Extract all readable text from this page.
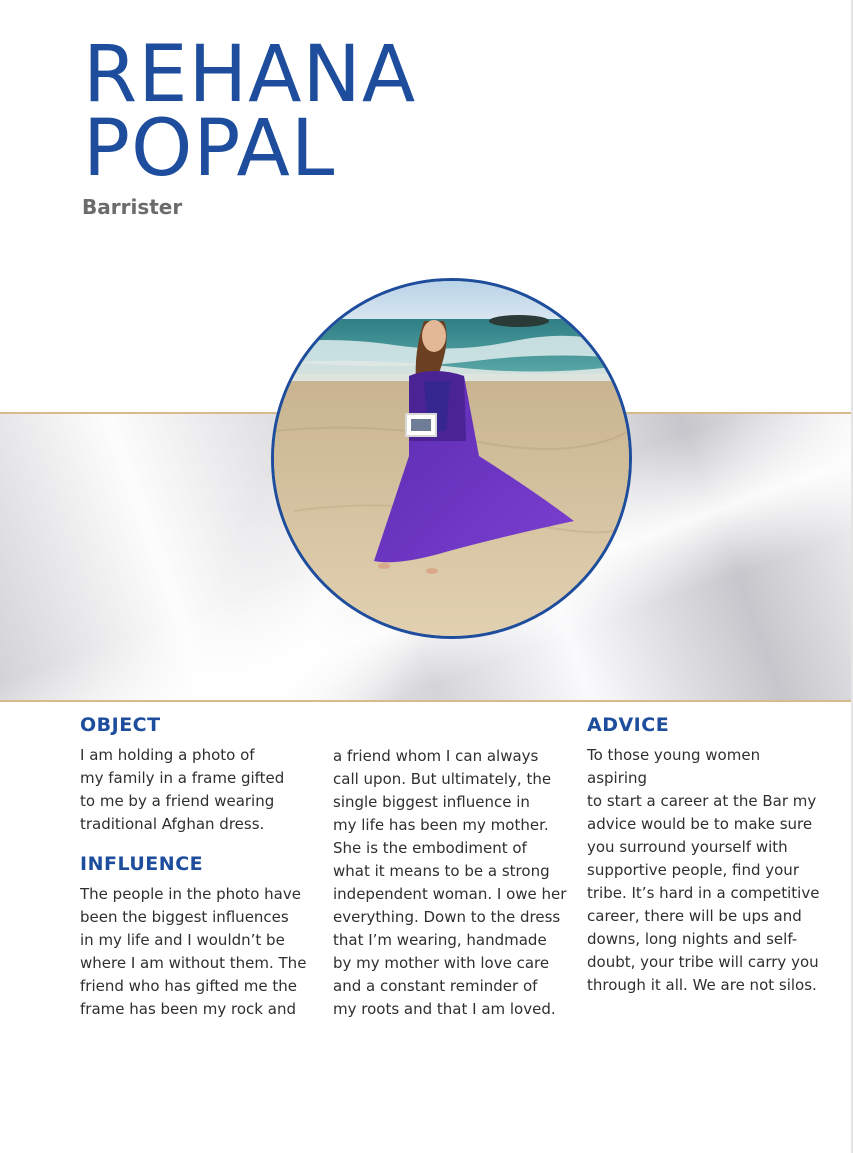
REHANA
POPAL

Barrister

OBJECT

I am holding a photo of
my family in a frame gifted
to me by a friend wearing
traditional Afghan dress.

INFLUENCE

The people in the photo have
been the biggest influences
in my life and I wouldn’t be
where I am without them. The
friend who has gifted me the
frame has been my rock and

a friend whom I can always
call upon. But ultimately, the
single biggest influence in
my life has been my mother.
She is the embodiment of
what it means to be a strong
independent woman. I owe her
everything. Down to the dress
that I’m wearing, handmade
by my mother with love care
and a constant reminder of
my roots and that I am loved.

ADVICE

To those young women aspiring
to start a career at the Bar my
advice would be to make sure
you surround yourself with
supportive people, find your
tribe. It’s hard in a competitive
career, there will be ups and
downs, long nights and self-
doubt, your tribe will carry you
through it all. We are not silos.
